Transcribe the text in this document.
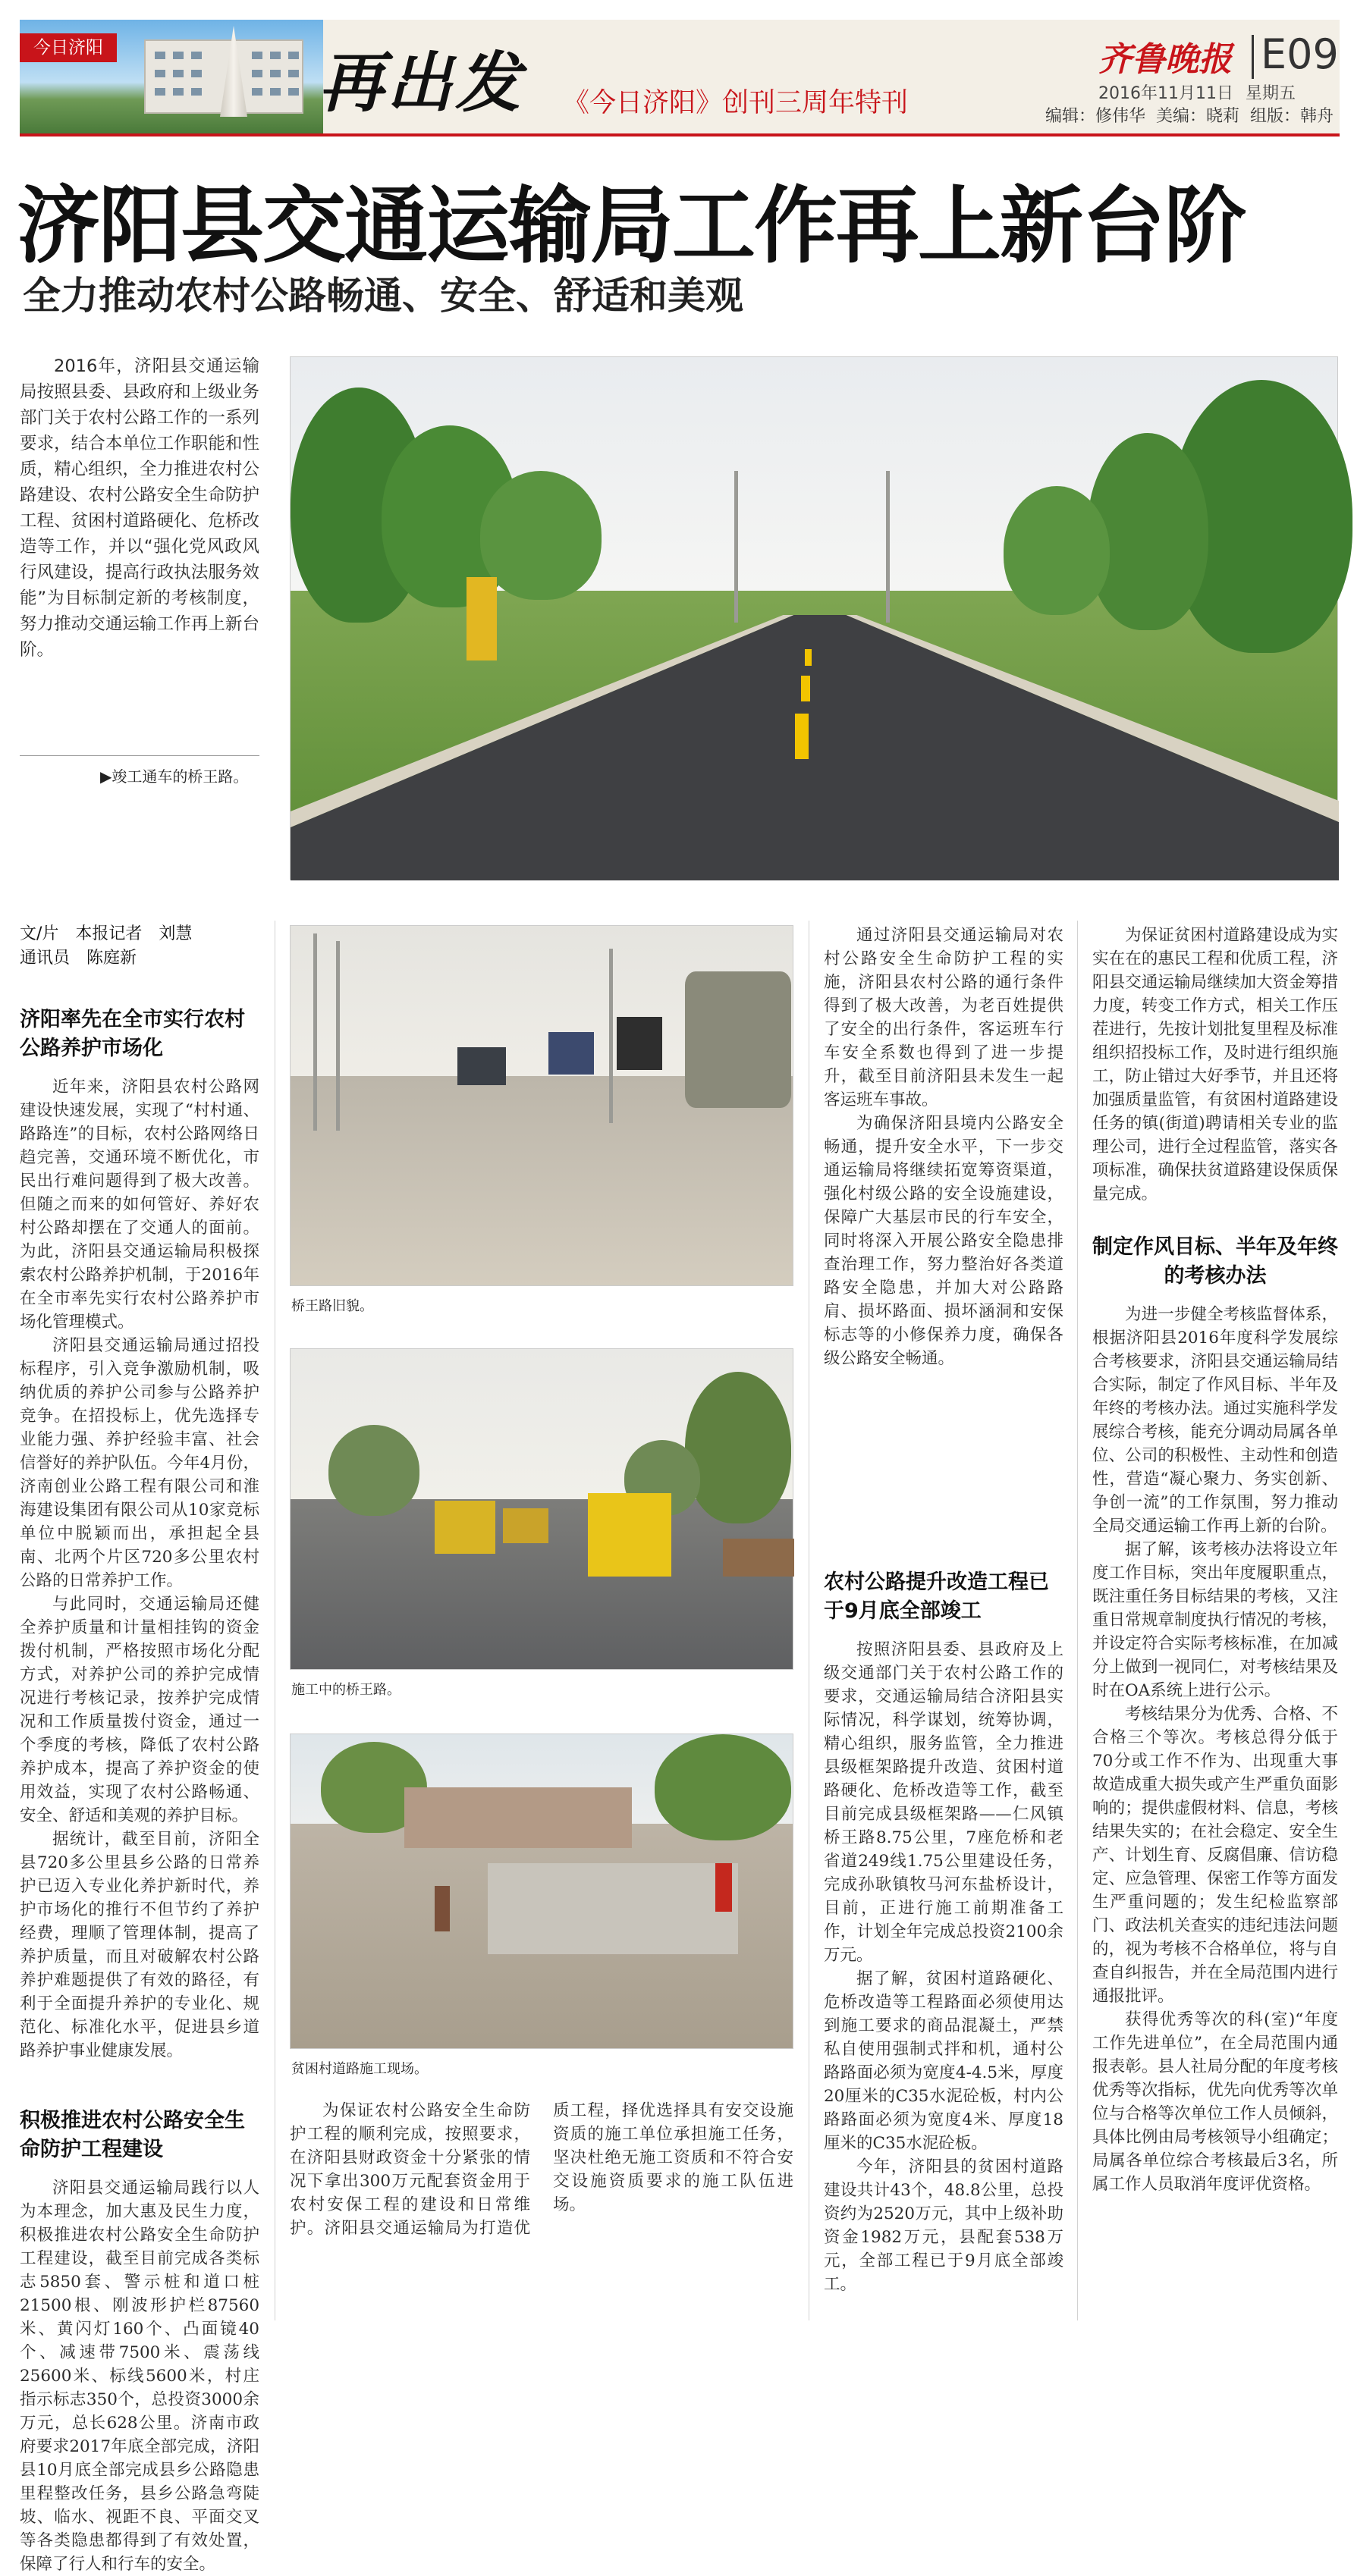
今日济阳	再出发 《今日济阳》创刊三周年特刊
齐鲁晚报 E09
2016年11月11日 星期五
编辑：修伟华 美编：晓莉 组版：韩舟
济阳县交通运输局工作再上新台阶
全力推动农村公路畅通、安全、舒适和美观

2016年，济阳县交通运输局按照县委、县政府和上级业务部门关于农村公路工作的一系列要求，结合本单位工作职能和性质，精心组织，全力推进农村公路建设、农村公路安全生命防护工程、贫困村道路硬化、危桥改造等工作，并以“强化党风政风行风建设，提高行政执法服务效能”为目标制定新的考核制度，努力推动交通运输工作再上新台阶。

▶竣工通车的桥王路。
文/片　本报记者　刘慧
通讯员　陈庭新
济阳率先在全市实行农村公路养护市场化

近年来，济阳县农村公路网建设快速发展，实现了“村村通、路路连”的目标，农村公路网络日趋完善，交通环境不断优化，市民出行难问题得到了极大改善。但随之而来的如何管好、养好农村公路却摆在了交通人的面前。为此，济阳县交通运输局积极探索农村公路养护机制，于2016年在全市率先实行农村公路养护市场化管理模式。

济阳县交通运输局通过招投标程序，引入竞争激励机制，吸纳优质的养护公司参与公路养护竞争。在招投标上，优先选择专业能力强、养护经验丰富、社会信誉好的养护队伍。今年4月份，济南创业公路工程有限公司和淮海建设集团有限公司从10家竞标单位中脱颖而出，承担起全县南、北两个片区720多公里农村公路的日常养护工作。

与此同时，交通运输局还健全养护质量和计量相挂钩的资金拨付机制，严格按照市场化分配方式，对养护公司的养护完成情况进行考核记录，按养护完成情况和工作质量拨付资金，通过一个季度的考核，降低了农村公路养护成本，提高了养护资金的使用效益，实现了农村公路畅通、安全、舒适和美观的养护目标。

据统计，截至目前，济阳全县720多公里县乡公路的日常养护已迈入专业化养护新时代，养护市场化的推行不但节约了养护经费，理顺了管理体制，提高了养护质量，而且对破解农村公路养护难题提供了有效的路径，有利于全面提升养护的专业化、规范化、标准化水平，促进县乡道路养护事业健康发展。

积极推进农村公路安全生命防护工程建设

济阳县交通运输局践行以人为本理念，加大惠及民生力度，积极推进农村公路安全生命防护工程建设，截至目前完成各类标志5850套、警示桩和道口桩21500根、刚波形护栏87560米、黄闪灯160个、凸面镜40个、减速带7500米、震荡线25600米、标线5600米，村庄指示标志350个，总投资3000余万元，总长628公里。济南市政府要求2017年底全部完成，济阳县10月底全部完成县乡公路隐患里程整改任务，县乡公路急弯陡坡、临水、视距不良、平面交叉等各类隐患都得到了有效处置，保障了行人和行车的安全。

桥王路旧貌。
施工中的桥王路。
贫困村道路施工现场。

为保证农村公路安全生命防护工程的顺利完成，按照要求，在济阳县财政资金十分紧张的情况下拿出300万元配套资金用于农村安保工程的建设和日常维护。济阳县交通运输局为打造优质工程，择优选择具有安交设施资质的施工单位承担施工任务，坚决杜绝无施工资质和不符合安交设施资质要求的施工队伍进场。

通过济阳县交通运输局对农村公路安全生命防护工程的实施，济阳县农村公路的通行条件得到了极大改善，为老百姓提供了安全的出行条件，客运班车行车安全系数也得到了进一步提升，截至目前济阳县未发生一起客运班车事故。

为确保济阳县境内公路安全畅通，提升安全水平，下一步交通运输局将继续拓宽筹资渠道，强化村级公路的安全设施建设，保障广大基层市民的行车安全，同时将深入开展公路安全隐患排查治理工作，努力整治好各类道路安全隐患，并加大对公路路肩、损坏路面、损坏涵洞和安保标志等的小修保养力度，确保各级公路安全畅通。

农村公路提升改造工程已于9月底全部竣工

按照济阳县委、县政府及上级交通部门关于农村公路工作的要求，交通运输局结合济阳县实际情况，科学谋划，统筹协调，精心组织，服务监管，全力推进县级框架路提升改造、贫困村道路硬化、危桥改造等工作，截至目前完成县级框架路——仁风镇桥王路8.75公里，7座危桥和老省道249线1.75公里建设任务，完成孙耿镇牧马河东盐桥设计，目前，正进行施工前期准备工作，计划全年完成总投资2100余万元。

据了解，贫困村道路硬化、危桥改造等工程路面必须使用达到施工要求的商品混凝土，严禁私自使用强制式拌和机，通村公路路面必须为宽度4-4.5米，厚度20厘米的C35水泥砼板，村内公路路面必须为宽度4米、厚度18厘米的C35水泥砼板。

今年，济阳县的贫困村道路建设共计43个，48.8公里，总投资约为2520万元，其中上级补助资金1982万元，县配套538万元，全部工程已于9月底全部竣工。

为保证贫困村道路建设成为实实在在的惠民工程和优质工程，济阳县交通运输局继续加大资金筹措力度，转变工作方式，相关工作压茬进行，先按计划批复里程及标准组织招投标工作，及时进行组织施工，防止错过大好季节，并且还将加强质量监管，有贫困村道路建设任务的镇(街道)聘请相关专业的监理公司，进行全过程监管，落实各项标准，确保扶贫道路建设保质保量完成。

制定作风目标、半年及年终的考核办法

为进一步健全考核监督体系，根据济阳县2016年度科学发展综合考核要求，济阳县交通运输局结合实际，制定了作风目标、半年及年终的考核办法。通过实施科学发展综合考核，能充分调动局属各单位、公司的积极性、主动性和创造性，营造“凝心聚力、务实创新、争创一流”的工作氛围，努力推动全局交通运输工作再上新的台阶。

据了解，该考核办法将设立年度工作目标，突出年度履职重点，既注重任务目标结果的考核，又注重日常规章制度执行情况的考核，并设定符合实际考核标准，在加减分上做到一视同仁，对考核结果及时在OA系统上进行公示。

考核结果分为优秀、合格、不合格三个等次。考核总得分低于70分或工作不作为、出现重大事故造成重大损失或产生严重负面影响的；提供虚假材料、信息，考核结果失实的；在社会稳定、安全生产、计划生育、反腐倡廉、信访稳定、应急管理、保密工作等方面发生严重问题的；发生纪检监察部门、政法机关查实的违纪违法问题的，视为考核不合格单位，将与自查自纠报告，并在全局范围内进行通报批评。

获得优秀等次的科(室)“年度工作先进单位”，在全局范围内通报表彰。县人社局分配的年度考核优秀等次指标，优先向优秀等次单位与合格等次单位工作人员倾斜，具体比例由局考核领导小组确定；局属各单位综合考核最后3名，所属工作人员取消年度评优资格。
